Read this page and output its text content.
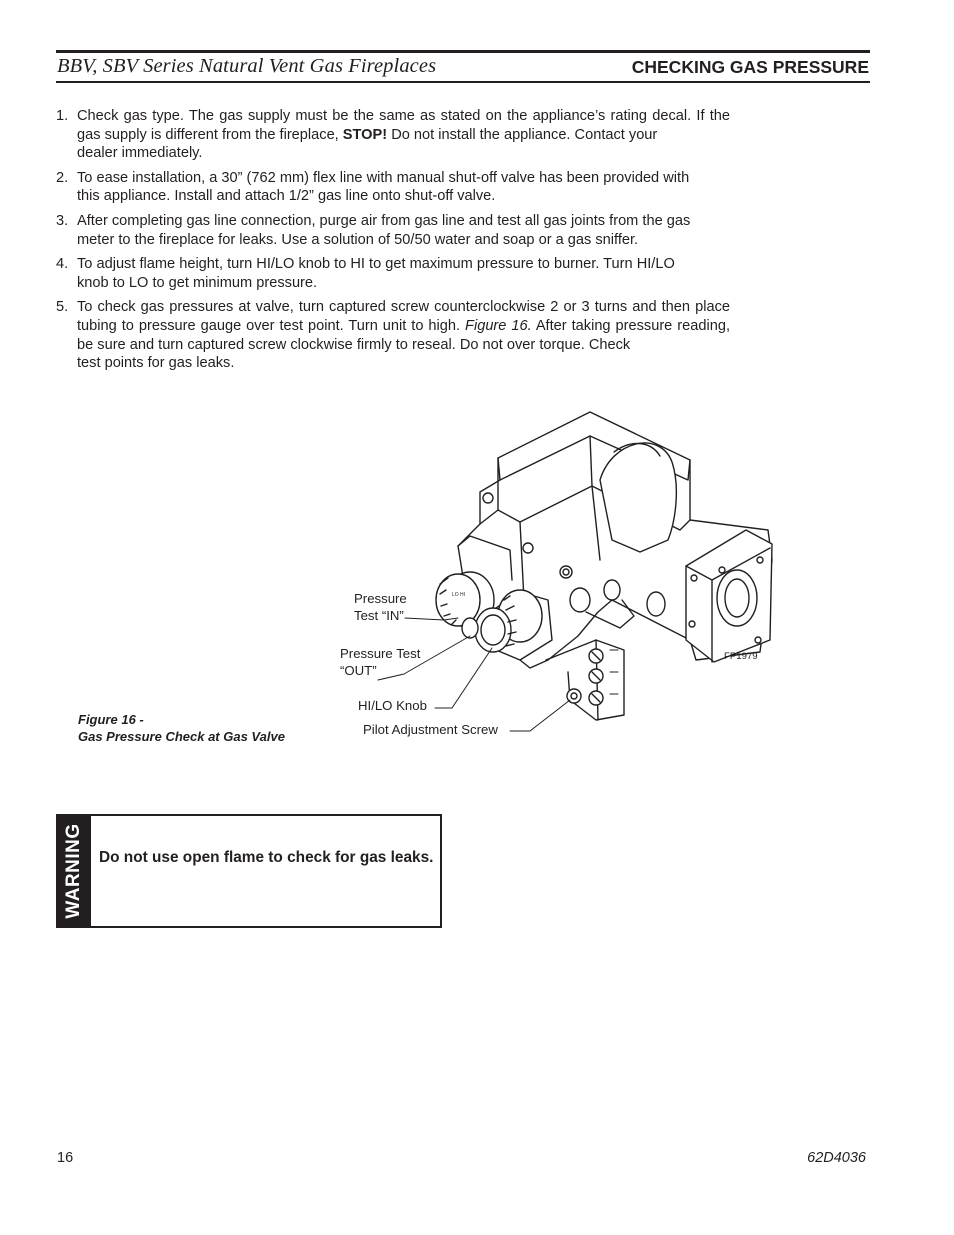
BBV, SBV Series Natural Vent Gas Fireplaces	CHECKING GAS PRESSURE
1. Check gas type. The gas supply must be the same as stated on the appliance’s rating decal. If the gas supply is different from the fireplace, STOP! Do not install the appliance. Contact your
dealer immediately.
2. To ease installation, a 30” (762 mm) flex line with manual shut-off valve has been provided with
this appliance. Install and attach 1/2” gas line onto shut-off valve.
3. After completing gas line connection, purge air from gas line and test all gas joints from the gas
meter to the fireplace for leaks. Use a solution of 50/50 water and soap or a gas sniffer.
4. To adjust flame height, turn HI/LO knob to HI to get maximum pressure to burner. Turn HI/LO
knob to LO to get minimum pressure.
5. To check gas pressures at valve, turn captured screw counterclockwise 2 or 3 turns and then place tubing to pressure gauge over test point. Turn unit to high. Figure 16. After taking pressure reading, be sure and turn captured screw clockwise firmly to reseal. Do not over torque. Check
test points for gas leaks.
LO HI
Pressure
Test “IN”
Pressure Test
“OUT”
HI/LO Knob
Pilot Adjustment Screw
FP1979
Figure 16 -
Gas Pressure Check at Gas Valve
WARNING Do not use open flame to check for gas leaks.
16	62D4036
